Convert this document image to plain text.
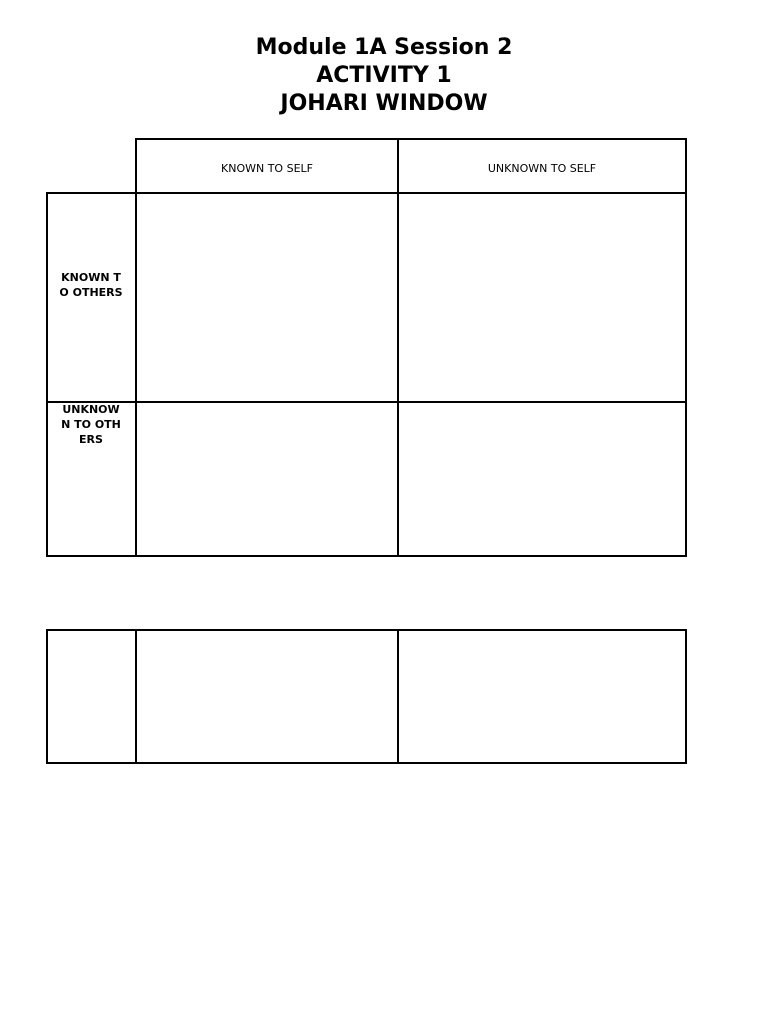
Module 1A Session 2
ACTIVITY 1
JOHARI WINDOW
KNOWN TO SELF	UNKNOWN TO SELF
KNOWN TO OTHERS
UNKNOWN TO OTHERS
